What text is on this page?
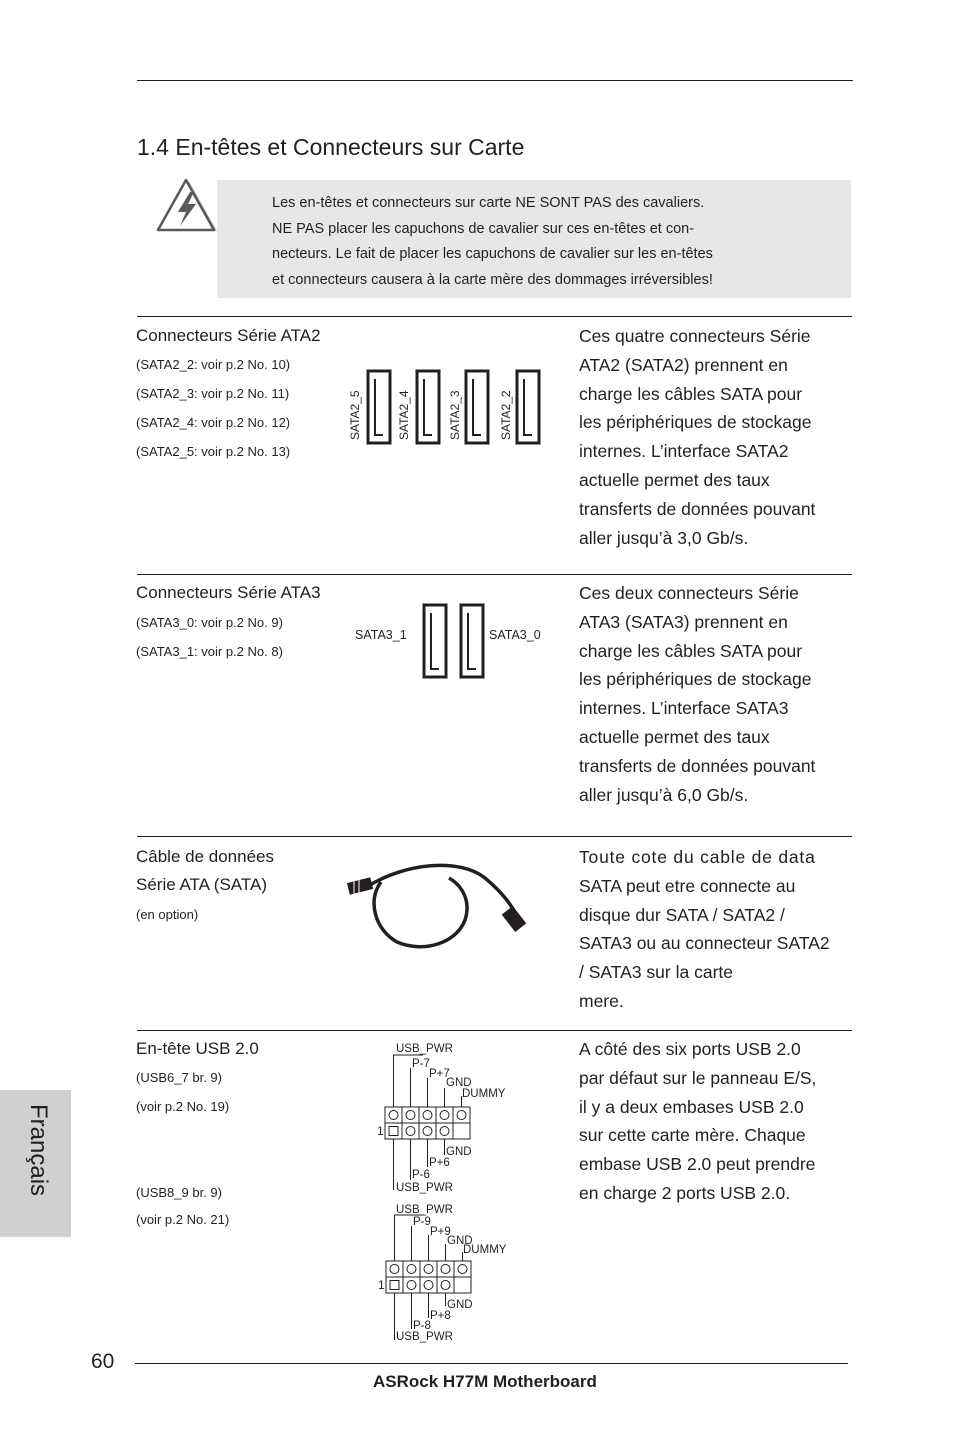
1.4 En-têtes et Connecteurs sur Carte
Les en-têtes et connecteurs sur carte NE SONT PAS des cavaliers.
NE PAS placer les capuchons de cavalier sur ces en-têtes et con-
necteurs. Le fait de placer les capuchons de cavalier sur les en-têtes
et connecteurs causera à la carte mère des dommages irréversibles!
Connecteurs Série ATA2
(SATA2_2: voir p.2 No. 10)
(SATA2_3: voir p.2 No. 11)
(SATA2_4: voir p.2 No. 12)
(SATA2_5: voir p.2 No. 13)
SATA2_5	SATA2_4	SATA2_3	SATA2_2
Ces quatre connecteurs Série
ATA2 (SATA2) prennent en
charge les câbles SATA pour
les périphériques de stockage
internes. L’interface SATA2
actuelle permet des taux
transferts de données pouvant
aller jusqu’à 3,0 Gb/s.
Connecteurs Série ATA3
(SATA3_0: voir p.2 No. 9)
(SATA3_1: voir p.2 No. 8)
SATA3_1	SATA3_0
Ces deux connecteurs Série
ATA3 (SATA3) prennent en
charge les câbles SATA pour
les périphériques de stockage
internes. L’interface SATA3
actuelle permet des taux
transferts de données pouvant
aller jusqu’à 6,0 Gb/s.
Câble de données
Série ATA (SATA)
(en option)
Toute cote du cable de data
SATA peut etre connecte au
disque dur SATA / SATA2 /
SATA3 ou au connecteur SATA2
/ SATA3 sur la carte
mere.
En-tête USB 2.0
(USB6_7 br. 9)
(voir p.2 No. 19)
(USB8_9 br. 9)
(voir p.2 No. 21)
USB_PWR
P-7
P+7
GND
DUMMY
1
GND
P+6
P-6
USB_PWR
USB_PWR
P-9
P+9
GND
DUMMY
1
GND
P+8
P-8
USB_PWR
A côté des six ports USB 2.0
par défaut sur le panneau E/S,
il y a deux embases USB 2.0
sur cette carte mère. Chaque
embase USB 2.0 peut prendre
en charge 2 ports USB 2.0.
Français
60
ASRock H77M Motherboard
